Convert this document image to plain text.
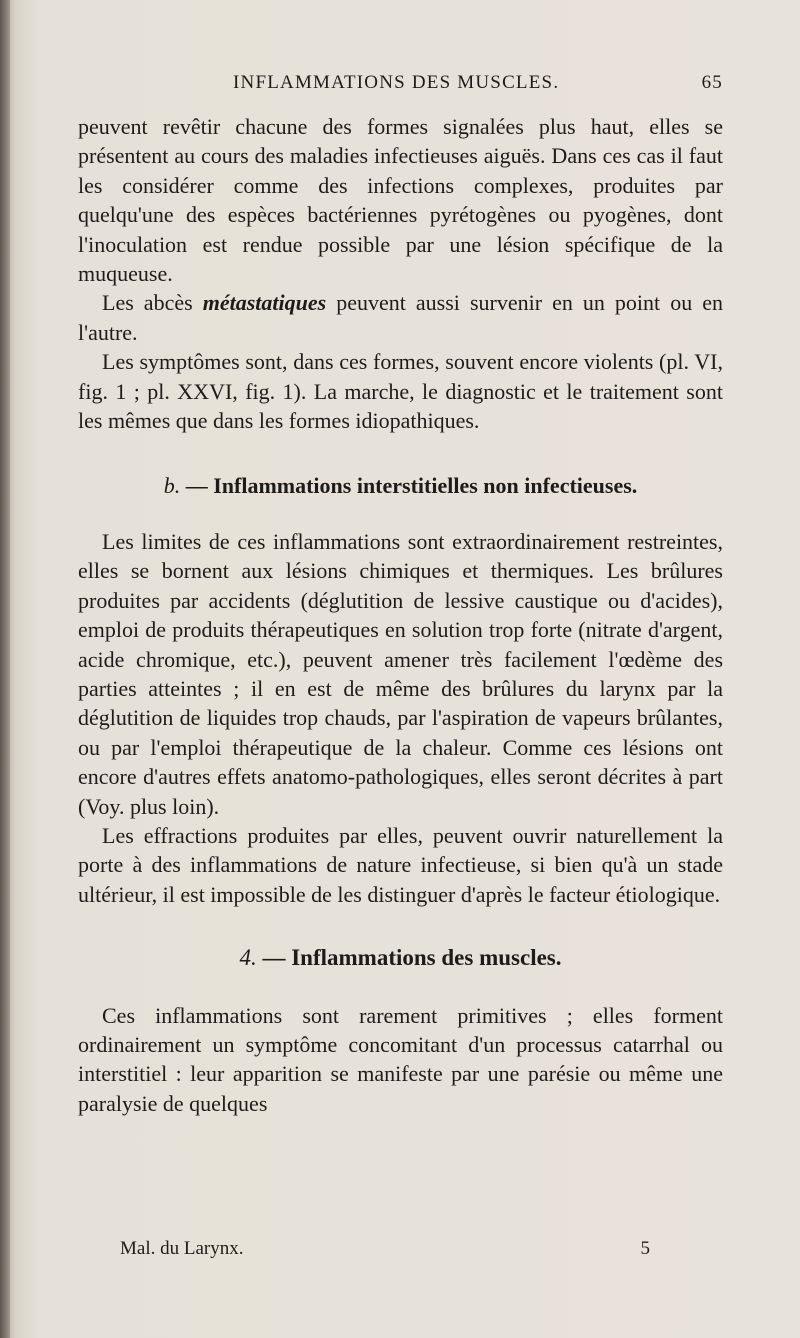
INFLAMMATIONS DES MUSCLES.	65

peuvent revêtir chacune des formes signalées plus haut, elles se présentent au cours des maladies infectieuses aiguës. Dans ces cas il faut les considérer comme des infections complexes, produites par quelqu'une des espèces bactériennes pyrétogènes ou pyogènes, dont l'inoculation est rendue possible par une lésion spécifique de la muqueuse.

Les abcès métastatiques peuvent aussi survenir en un point ou en l'autre.

Les symptômes sont, dans ces formes, souvent encore violents (pl. VI, fig. 1 ; pl. XXVI, fig. 1). La marche, le diagnostic et le traitement sont les mêmes que dans les formes idiopathiques.

b. — Inflammations interstitielles non infectieuses.

Les limites de ces inflammations sont extraordinairement restreintes, elles se bornent aux lésions chimiques et thermiques. Les brûlures produites par accidents (déglutition de lessive caustique ou d'acides), emploi de produits thérapeutiques en solution trop forte (nitrate d'argent, acide chromique, etc.), peuvent amener très facilement l'œdème des parties atteintes ; il en est de même des brûlures du larynx par la déglutition de liquides trop chauds, par l'aspiration de vapeurs brûlantes, ou par l'emploi thérapeutique de la chaleur. Comme ces lésions ont encore d'autres effets anatomo-pathologiques, elles seront décrites à part (Voy. plus loin).

Les effractions produites par elles, peuvent ouvrir naturellement la porte à des inflammations de nature infectieuse, si bien qu'à un stade ultérieur, il est impossible de les distinguer d'après le facteur étiologique.

4. — Inflammations des muscles.

Ces inflammations sont rarement primitives ; elles forment ordinairement un symptôme concomitant d'un processus catarrhal ou interstitiel : leur apparition se manifeste par une parésie ou même une paralysie de quelques

Mal. du Larynx.	5
